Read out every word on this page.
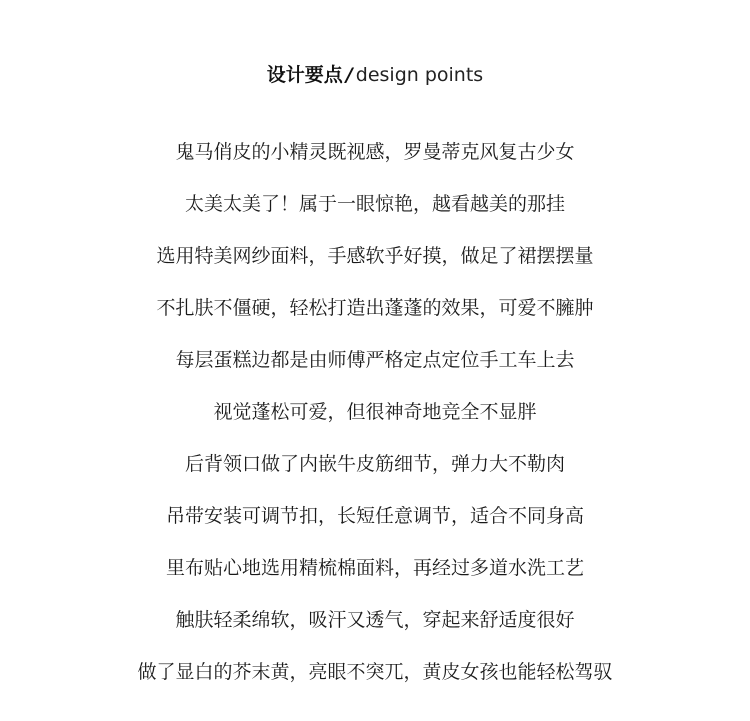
设计要点 / design points
鬼马俏皮的小精灵既视感，罗曼蒂克风复古少女
太美太美了！属于一眼惊艳，越看越美的那挂
选用特美网纱面料，手感软乎好摸，做足了裙摆摆量
不扎肤不僵硬，轻松打造出蓬蓬的效果，可爱不臃肿
每层蛋糕边都是由师傅严格定点定位手工车上去
视觉蓬松可爱，但很神奇地竞全不显胖
后背领口做了内嵌牛皮筋细节，弹力大不勒肉
吊带安装可调节扣，长短任意调节，适合不同身高
里布贴心地选用精梳棉面料，再经过多道水洗工艺
触肤轻柔绵软，吸汗又透气，穿起来舒适度很好
做了显白的芥末黄，亮眼不突兀，黄皮女孩也能轻松驾驭
